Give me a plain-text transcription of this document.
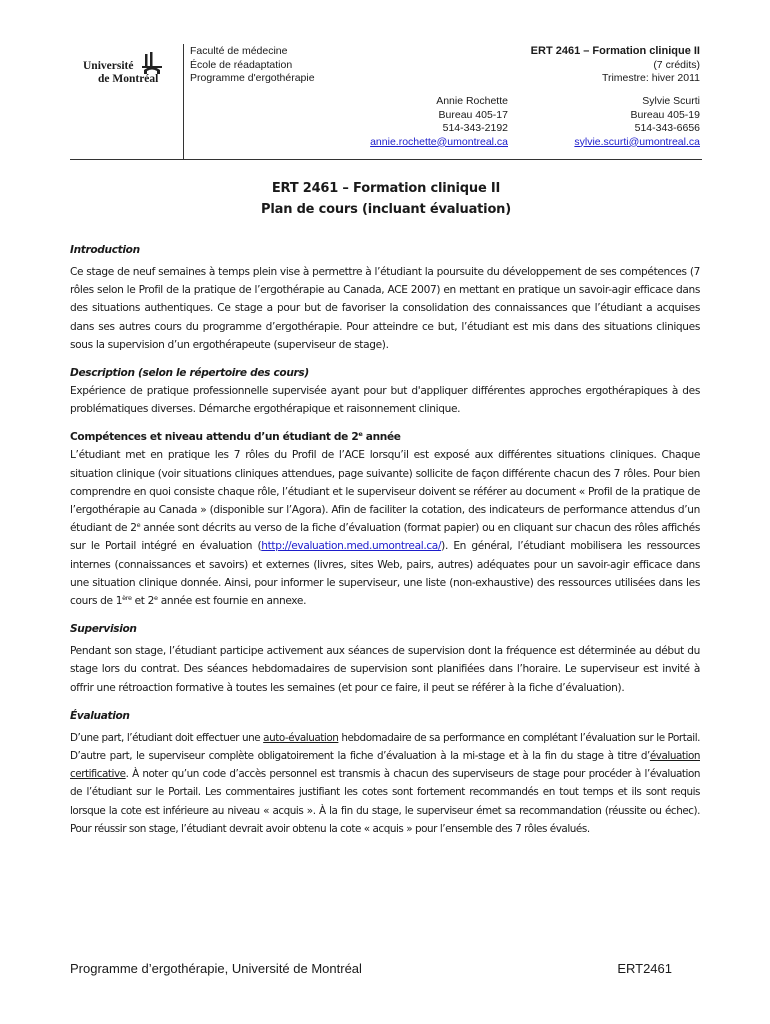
Université
de Montréal
Faculté de médecine
École de réadaptation
Programme d'ergothérapie
ERT 2461 – Formation clinique II
(7 crédits)
Trimestre: hiver 2011
Annie Rochette
Bureau 405-17
514-343-2192
annie.rochette@umontreal.ca
Sylvie Scurti
Bureau 405-19
514-343-6656
sylvie.scurti@umontreal.ca
ERT 2461 – Formation clinique II
Plan de cours (incluant évaluation)
Introduction

Ce stage de neuf semaines à temps plein vise à permettre à l’étudiant la poursuite du développement de ses compétences (7 rôles selon le Profil de la pratique de l’ergothérapie au Canada, ACE 2007) en mettant en pratique un savoir-agir efficace dans des situations authentiques. Ce stage a pour but de favoriser la consolidation des connaissances que l’étudiant a acquises dans ses autres cours du programme d’ergothérapie. Pour atteindre ce but, l’étudiant est mis dans des situations cliniques sous la supervision d’un ergothérapeute (superviseur de stage).

Description (selon le répertoire des cours)

Expérience de pratique professionnelle supervisée ayant pour but d'appliquer différentes approches ergothérapiques à des problématiques diverses. Démarche ergothérapique et raisonnement clinique.

Compétences et niveau attendu d’un étudiant de 2e année

L’étudiant met en pratique les 7 rôles du Profil de l’ACE lorsqu’il est exposé aux différentes situations cliniques. Chaque situation clinique (voir situations cliniques attendues, page suivante) sollicite de façon différente chacun des 7 rôles. Pour bien comprendre en quoi consiste chaque rôle, l’étudiant et le superviseur doivent se référer au document « Profil de la pratique de l’ergothérapie au Canada » (disponible sur l’Agora). Afin de faciliter la cotation, des indicateurs de performance attendus d’un étudiant de 2e année sont décrits au verso de la fiche d’évaluation (format papier) ou en cliquant sur chacun des rôles affichés sur le Portail intégré en évaluation (http://evaluation.med.umontreal.ca/). En général, l’étudiant mobilisera les ressources internes (connaissances et savoirs) et externes (livres, sites Web, pairs, autres) adéquates pour un savoir-agir efficace dans une situation clinique donnée. Ainsi, pour informer le superviseur, une liste (non-exhaustive) des ressources utilisées dans les cours de 1ère et 2e année est fournie en annexe.

Supervision

Pendant son stage, l’étudiant participe activement aux séances de supervision dont la fréquence est déterminée au début du stage lors du contrat. Des séances hebdomadaires de supervision sont planifiées dans l’horaire. Le superviseur est invité à offrir une rétroaction formative à toutes les semaines (et pour ce faire, il peut se référer à la fiche d’évaluation).

Évaluation

D’une part, l’étudiant doit effectuer une auto-évaluation hebdomadaire de sa performance en complétant l’évaluation sur le Portail. D’autre part, le superviseur complète obligatoirement la fiche d’évaluation à la mi-stage et à la fin du stage à titre d’évaluation certificative. À noter qu’un code d’accès personnel est transmis à chacun des superviseurs de stage pour procéder à l’évaluation de l’étudiant sur le Portail. Les commentaires justifiant les cotes sont fortement recommandés en tout temps et ils sont requis lorsque la cote est inférieure au niveau « acquis ». À la fin du stage, le superviseur émet sa recommandation (réussite ou échec). Pour réussir son stage, l’étudiant devrait avoir obtenu la cote « acquis » pour l’ensemble des 7 rôles évalués.

Programme d’ergothérapie, Université de Montréal	ERT2461
